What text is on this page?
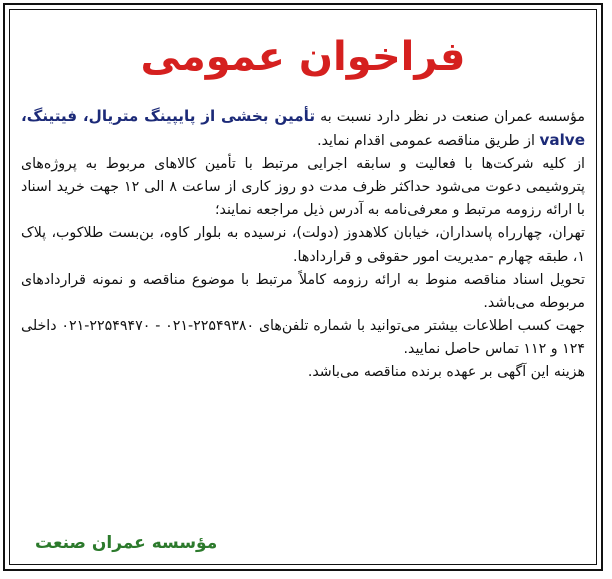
فراخوان عمومی

مؤسسه عمران صنعت در نظر دارد نسبت به تأمین بخشی از پایپینگ متریال، فیتینگ، valve از طریق مناقصه عمومی اقدام نماید.

از کلیه شرکت‌ها با فعالیت و سابقه اجرایی مرتبط با تأمین کالاهای مربوط به پروژه‌های پتروشیمی دعوت می‌شود حداکثر ظرف مدت دو روز کاری از ساعت ۸ الی ۱۲ جهت خرید اسناد با ارائه رزومه مرتبط و معرفی‌نامه به آدرس ذیل مراجعه نمایند؛

تهران، چهارراه پاسداران، خیابان کلاهدوز (دولت)، نرسیده به بلوار کاوه، بن‌بست طلاکوب، پلاک ۱، طبقه چهارم -مدیریت امور حقوقی و قراردادها.

تحویل اسناد مناقصه منوط به ارائه رزومه کاملاً مرتبط با موضوع مناقصه و نمونه قراردادهای مربوطه می‌باشد.

جهت کسب اطلاعات بیشتر می‌توانید با شماره تلفن‌های ۲۲۵۴۹۳۸۰-۰۲۱ - ۲۲۵۴۹۴۷۰-۰۲۱ داخلی ۱۲۴ و ۱۱۲ تماس حاصل نمایید.

هزینه این آگهی بر عهده برنده مناقصه می‌باشد.

مؤسسه عمران صنعت
